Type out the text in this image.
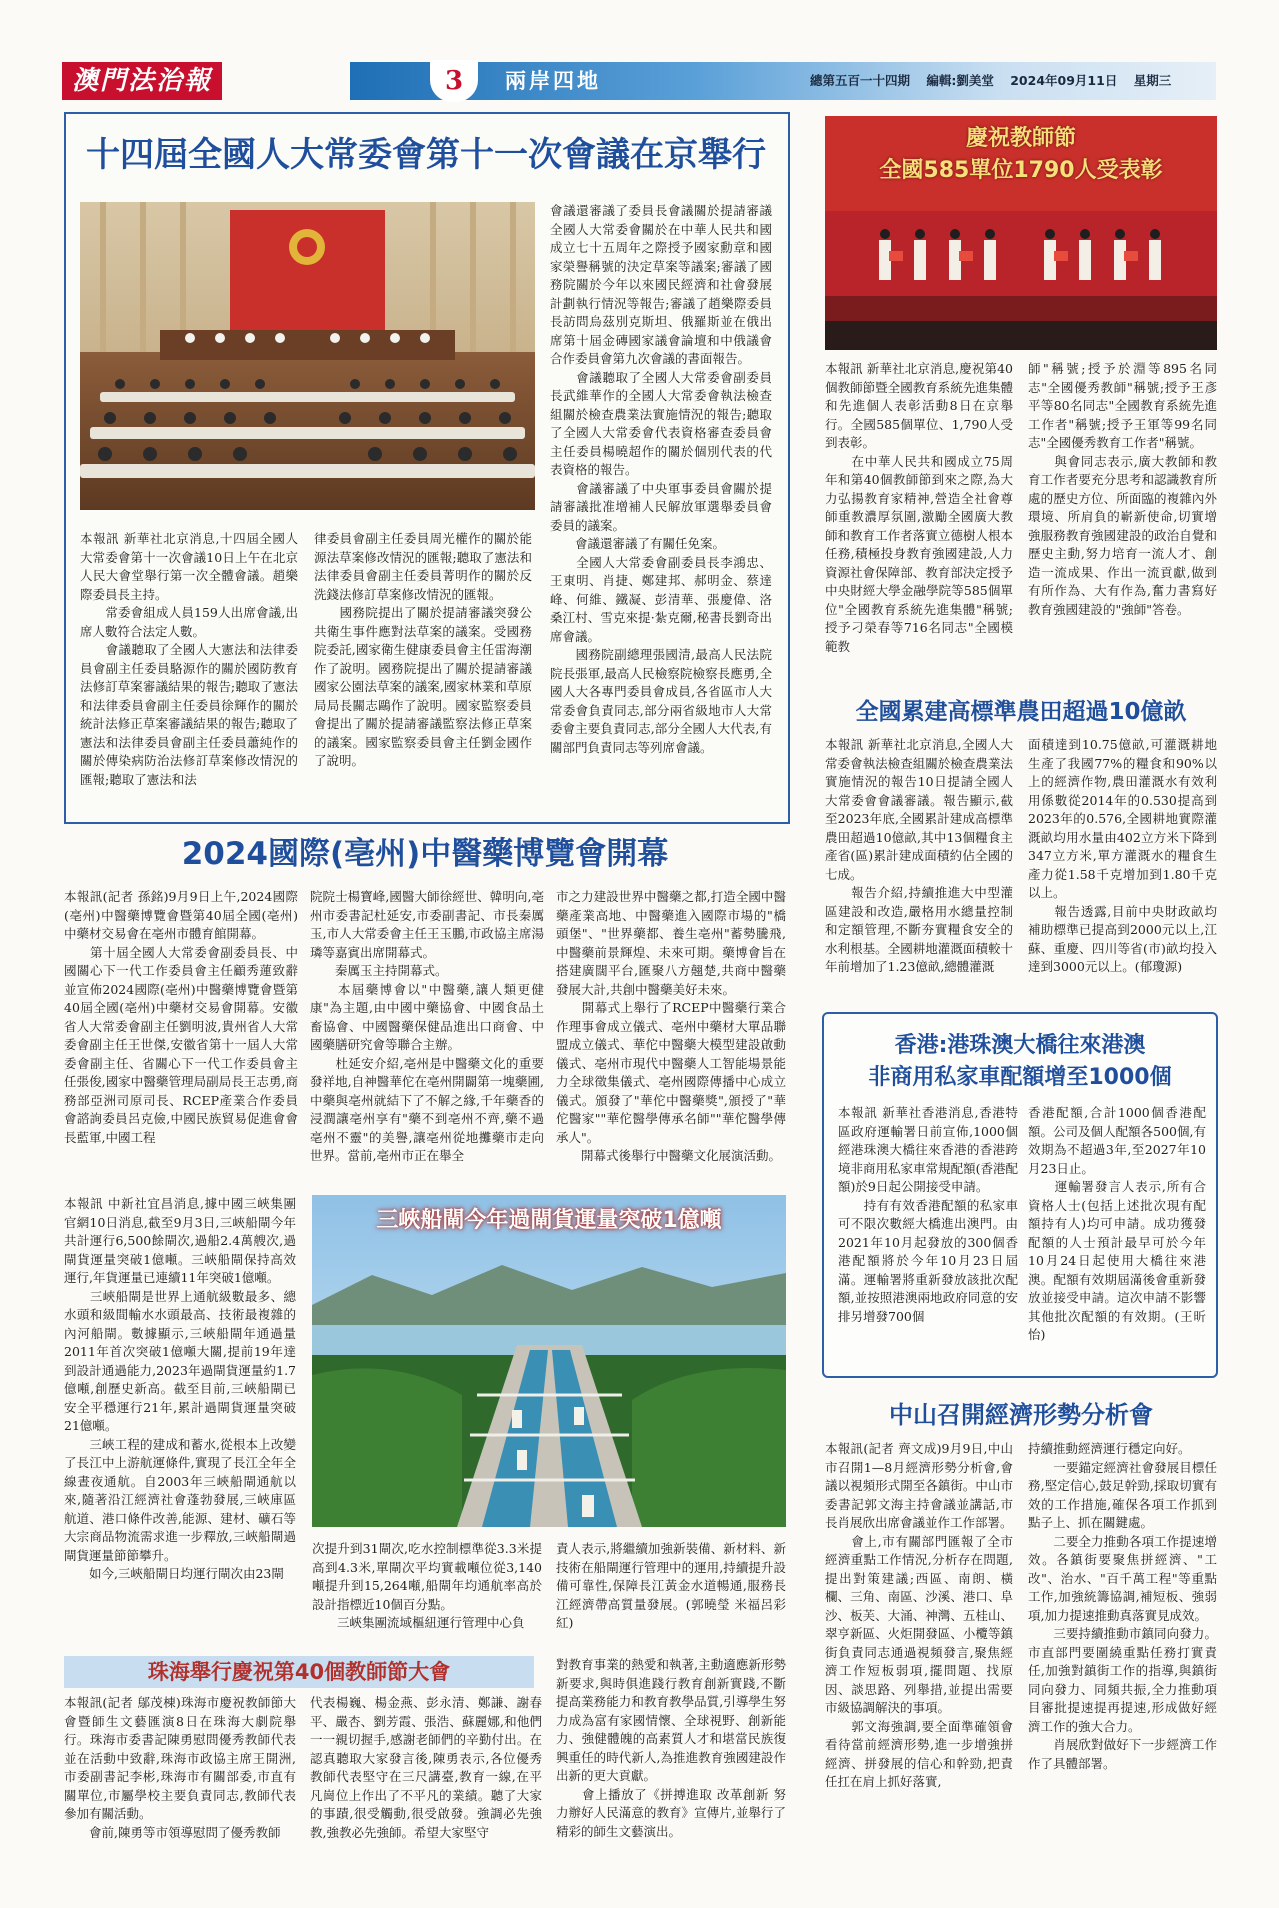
澳門法治報	3	兩岸四地	總第五百一十四期 編輯:劉美堂 2024年09月11日 星期三
十四屆全國人大常委會第十一次會議在京舉行
會議還審議了委員長會議關於提請審議全國人大常委會關於在中華人民共和國成立七十五周年之際授予國家勳章和國家榮譽稱號的決定草案等議案;審議了國務院關於今年以來國民經濟和社會發展計劃執行情況等報告;審議了趙樂際委員長訪問烏茲別克斯坦、俄羅斯並在俄出席第十屆金磚國家議會論壇和中俄議會合作委員會第九次會議的書面報告。
　　會議聽取了全國人大常委會副委員長武維華作的全國人大常委會執法檢查組關於檢查農業法實施情況的報告;聽取了全國人大常委會代表資格審查委員會主任委員楊曉超作的關於個別代表的代表資格的報告。
　　會議審議了中央軍事委員會關於提請審議批准增補人民解放軍選舉委員會委員的議案。
　　會議還審議了有關任免案。
　　全國人大常委會副委員長李鴻忠、王東明、肖捷、鄭建邦、郝明金、蔡達峰、何維、鐵凝、彭清華、張慶偉、洛桑江村、雪克來提·紮克爾,秘書長劉奇出席會議。
　　國務院副總理張國清,最高人民法院院長張軍,最高人民檢察院檢察長應勇,全國人大各專門委員會成員,各省區市人大常委會負責同志,部分兩省級地市人大常委會主要負責同志,部分全國人大代表,有關部門負責同志等列席會議。
本報訊 新華社北京消息,十四屆全國人大常委會第十一次會議10日上午在北京人民大會堂舉行第一次全體會議。趙樂際委員長主持。
　　常委會組成人員159人出席會議,出席人數符合法定人數。
　　會議聽取了全國人大憲法和法律委員會副主任委員駱源作的關於國防教育法修訂草案審議結果的報告;聽取了憲法和法律委員會副主任委員徐輝作的關於統計法修正草案審議結果的報告;聽取了憲法和法律委員會副主任委員蕭純作的關於傳染病防治法修訂草案修改情況的匯報;聽取了憲法和法
律委員會副主任委員周光權作的關於能源法草案修改情況的匯報;聽取了憲法和法律委員會副主任委員菁明作的關於反洗錢法修訂草案修改情況的匯報。
　　國務院提出了關於提請審議突發公共衛生事件應對法草案的議案。受國務院委託,國家衛生健康委員會主任雷海潮作了說明。國務院提出了關於提請審議國家公園法草案的議案,國家林業和草原局局長關志鷗作了說明。國家監察委員會提出了關於提請審議監察法修正草案的議案。國家監察委員會主任劉金國作了說明。
2024國際(亳州)中醫藥博覽會開幕
本報訊(記者 孫銘)9月9日上午,2024國際(亳州)中醫藥博覽會暨第40屆全國(亳州)中藥材交易會在亳州市體育館開幕。
　　第十屆全國人大常委會副委員長、中國關心下一代工作委員會主任顧秀蓮致辭並宣佈2024國際(亳州)中醫藥博覽會暨第40屆全國(亳州)中藥材交易會開幕。安徽省人大常委會副主任劉明波,貴州省人大常委會副主任王世傑,安徽省第十一屆人大常委會副主任、省關心下一代工作委員會主任張俊,國家中醫藥管理局副局長王志勇,商務部亞洲司原司長、RCEP產業合作委員會諮詢委員呂克儉,中國民族貿易促進會會長藍軍,中國工程
院院士楊寶峰,國醫大師徐經世、韓明向,亳州市委書記杜延安,市委副書記、市長秦厲玉,市人大常委會主任王玉鵬,市政協主席湯璘等嘉賓出席開幕式。
　　秦厲玉主持開幕式。
　　本屆藥博會以"中醫藥,讓人類更健康"為主題,由中國中藥協會、中國食品土畜協會、中國醫藥保健品進出口商會、中國藥膳研究會等聯合主辦。
　　杜延安介紹,亳州是中醫藥文化的重要發祥地,自神醫華佗在亳州開闢第一塊藥圃,中藥與亳州就結下了不解之緣,千年藥香的浸潤讓亳州享有"藥不到亳州不齊,藥不過亳州不靈"的美譽,讓亳州從地攤藥市走向世界。當前,亳州市正在舉全
市之力建設世界中醫藥之都,打造全國中醫藥產業高地、中醫藥進入國際市場的"橋頭堡"、"世界藥都、養生亳州"蓄勢騰飛,中醫藥前景輝煌、未來可期。藥博會旨在搭建廣闊平台,匯聚八方翹楚,共商中醫藥發展大計,共創中醫藥美好未來。
　　開幕式上舉行了RCEP中醫藥行業合作理事會成立儀式、亳州中藥材大單品聯盟成立儀式、華佗中醫藥大模型建設啟動儀式、亳州市現代中醫藥人工智能場景能力全球徵集儀式、亳州國際傳播中心成立儀式。頒發了"華佗中醫藥獎",頒授了"華佗醫家""華佗醫學傳承名師""華佗醫學傳承人"。
　　開幕式後舉行中醫藥文化展演活動。
本報訊 中新社宜昌消息,據中國三峽集團官網10日消息,截至9月3日,三峽船閘今年共計運行6,500餘閘次,過船2.4萬艘次,過閘貨運量突破1億噸。三峽船閘保持高效運行,年貨運量已連續11年突破1億噸。
　　三峽船閘是世界上通航級數最多、總水頭和級間輸水水頭最高、技術最複雜的內河船閘。數據顯示,三峽船閘年通過量2011年首次突破1億噸大關,提前19年達到設計通過能力,2023年過閘貨運量約1.7億噸,創歷史新高。截至目前,三峽船閘已安全平穩運行21年,累計過閘貨運量突破21億噸。
　　三峽工程的建成和蓄水,從根本上改變了長江中上游航運條件,實現了長江全年全線晝夜通航。自2003年三峽船閘通航以來,隨著沿江經濟社會蓬勃發展,三峽庫區航道、港口條件改善,能源、建材、礦石等大宗商品物流需求進一步釋放,三峽船閘過閘貨運量節節攀升。
　　如今,三峽船閘日均運行閘次由23閘
三峽船閘今年過閘貨運量突破1億噸
次提升到31閘次,吃水控制標準從3.3米提高到4.3米,單閘次平均實載噸位從3,140噸提升到15,264噸,船閘年均通航率高於設計指標近10個百分點。
　　三峽集團流域樞紐運行管理中心負
責人表示,將繼續加強新裝備、新材料、新技術在船閘運行管理中的運用,持續提升設備可靠性,保障長江黃金水道暢通,服務長江經濟帶高質量發展。(郭曉瑩 米福呂彩紅)
珠海舉行慶祝第40個教師節大會
本報訊(記者 鄔茂棟)珠海市慶祝教師節大會暨師生文藝匯演8日在珠海大劇院舉行。珠海市委書記陳勇慰問優秀教師代表並在活動中致辭,珠海市政協主席王開洲,市委副書記李彬,珠海市有關部委,市直有關單位,市屬學校主要負責同志,教師代表參加有關活動。
　　會前,陳勇等市領導慰問了優秀教師
代表楊巍、楊金燕、彭永清、鄭謙、謝春平、嚴杏、劉芳霞、張浩、蘇麗娜,和他們一一親切握手,感謝老師們的辛勤付出。在認真聽取大家發言後,陳勇表示,各位優秀教師代表堅守在三尺講臺,教育一線,在平凡崗位上作出了不平凡的業績。聽了大家的事蹟,很受觸動,很受啟發。強調必先強教,強教必先強師。希望大家堅守
對教育事業的熱愛和執著,主動適應新形勢新要求,與時俱進踐行教育創新實踐,不斷提高業務能力和教育教學品質,引導學生努力成為富有家國情懷、全球視野、創新能力、強健體魄的高素質人才和堪當民族復興重任的時代新人,為推進教育強國建設作出新的更大貢獻。
　　會上播放了《拼搏進取 改革創新 努力辦好人民滿意的教育》宣傳片,並舉行了精彩的師生文藝演出。
慶祝教師節
全國585單位1790人受表彰
本報訊 新華社北京消息,慶祝第40個教師節暨全國教育系統先進集體和先進個人表彰活動8日在京舉行。全國585個單位、1,790人受到表彰。
　　在中華人民共和國成立75周年和第40個教師節到來之際,為大力弘揚教育家精神,營造全社會尊師重教濃厚氛圍,激勵全國廣大教師和教育工作者落實立德樹人根本任務,積極投身教育強國建設,人力資源社會保障部、教育部決定授予中央財經大學金融學院等585個單位"全國教育系統先進集體"稱號;授予刁榮春等716名同志"全國模範教
師"稱號;授予於淵等895名同志"全國優秀教師"稱號;授予王彥平等80名同志"全國教育系統先進工作者"稱號;授予王軍等99名同志"全國優秀教育工作者"稱號。
　　與會同志表示,廣大教師和教育工作者要充分思考和認識教育所處的歷史方位、所面臨的複雜內外環境、所肩負的嶄新使命,切實增強服務教育強國建設的政治自覺和歷史主動,努力培育一流人才、創造一流成果、作出一流貢獻,做到有所作為、大有作為,奮力書寫好教育強國建設的"強師"答卷。
全國累建高標準農田超過10億畝
本報訊 新華社北京消息,全國人大常委會執法檢查組關於檢查農業法實施情況的報告10日提請全國人大常委會會議審議。報告顯示,截至2023年底,全國累計建成高標準農田超過10億畝,其中13個糧食主產省(區)累計建成面積約佔全國的七成。
　　報告介紹,持續推進大中型灌區建設和改造,嚴格用水總量控制和定額管理,不斷夯實糧食安全的水利根基。全國耕地灌溉面積較十年前增加了1.23億畝,總體灌溉
面積達到10.75億畝,可灌溉耕地生產了我國77%的糧食和90%以上的經濟作物,農田灌溉水有效利用係數從2014年的0.530提高到2023年的0.576,全國耕地實際灌溉畝均用水量由402立方米下降到347立方米,單方灌溉水的糧食生產力從1.58千克增加到1.80千克以上。
　　報告透露,目前中央財政畝均補助標準已提高到2000元以上,江蘇、重慶、四川等省(市)畝均投入達到3000元以上。(郁瓊源)
香港:港珠澳大橋往來港澳
非商用私家車配額增至1000個
本報訊 新華社香港消息,香港特區政府運輸署日前宣佈,1000個經港珠澳大橋往來香港的香港跨境非商用私家車常規配額(香港配額)於9日起公開接受申請。
　　持有有效香港配額的私家車可不限次數經大橋進出澳門。由2021年10月起發放的300個香港配額將於今年10月23日屆滿。運輸署將重新發放該批次配額,並按照港澳兩地政府同意的安排另增發700個
香港配額,合計1000個香港配額。公司及個人配額各500個,有效期為不超過3年,至2027年10月23日止。
　　運輸署發言人表示,所有合資格人士(包括上述批次現有配額持有人)均可申請。成功獲發配額的人士預計最早可於今年10月24日起使用大橋往來港澳。配額有效期屆滿後會重新發放並接受申請。這次申請不影響其他批次配額的有效期。(王昕怡)
中山召開經濟形勢分析會
本報訊(記者 齊文成)9月9日,中山市召開1—8月經濟形勢分析會,會議以視頻形式開至各鎮街。中山市委書記郭文海主持會議並講話,市長肖展欣出席會議並作工作部署。
　　會上,市有關部門匯報了全市經濟重點工作情況,分析存在問題,提出對策建議;西區、南朗、橫欄、三角、南區、沙溪、港口、阜沙、板芙、大涌、神灣、五桂山、翠亨新區、火炬開發區、小欖等鎮街負責同志通過視頻發言,聚焦經濟工作短板弱項,擺問題、找原因、談思路、列舉措,並提出需要市級協調解決的事項。
　　郭文海強調,要全面準確領會看待當前經濟形勢,進一步增強拼經濟、拼發展的信心和幹勁,把責任扛在肩上抓好落實,
持續推動經濟運行穩定向好。
　　一要錨定經濟社會發展目標任務,堅定信心,鼓足幹勁,採取切實有效的工作措施,確保各項工作抓到點子上、抓在關鍵處。
　　二要全力推動各項工作提速增效。各鎮街要聚焦拼經濟、"工改"、治水、"百千萬工程"等重點工作,加強統籌協調,補短板、強弱項,加力提速推動真落實見成效。
　　三要持續推動市鎮同向發力。市直部門要圍繞重點任務打實責任,加強對鎮街工作的指導,與鎮街同向發力、同頻共振,全力推動項目審批提速提再提速,形成做好經濟工作的強大合力。
　　肖展欣對做好下一步經濟工作作了具體部署。
